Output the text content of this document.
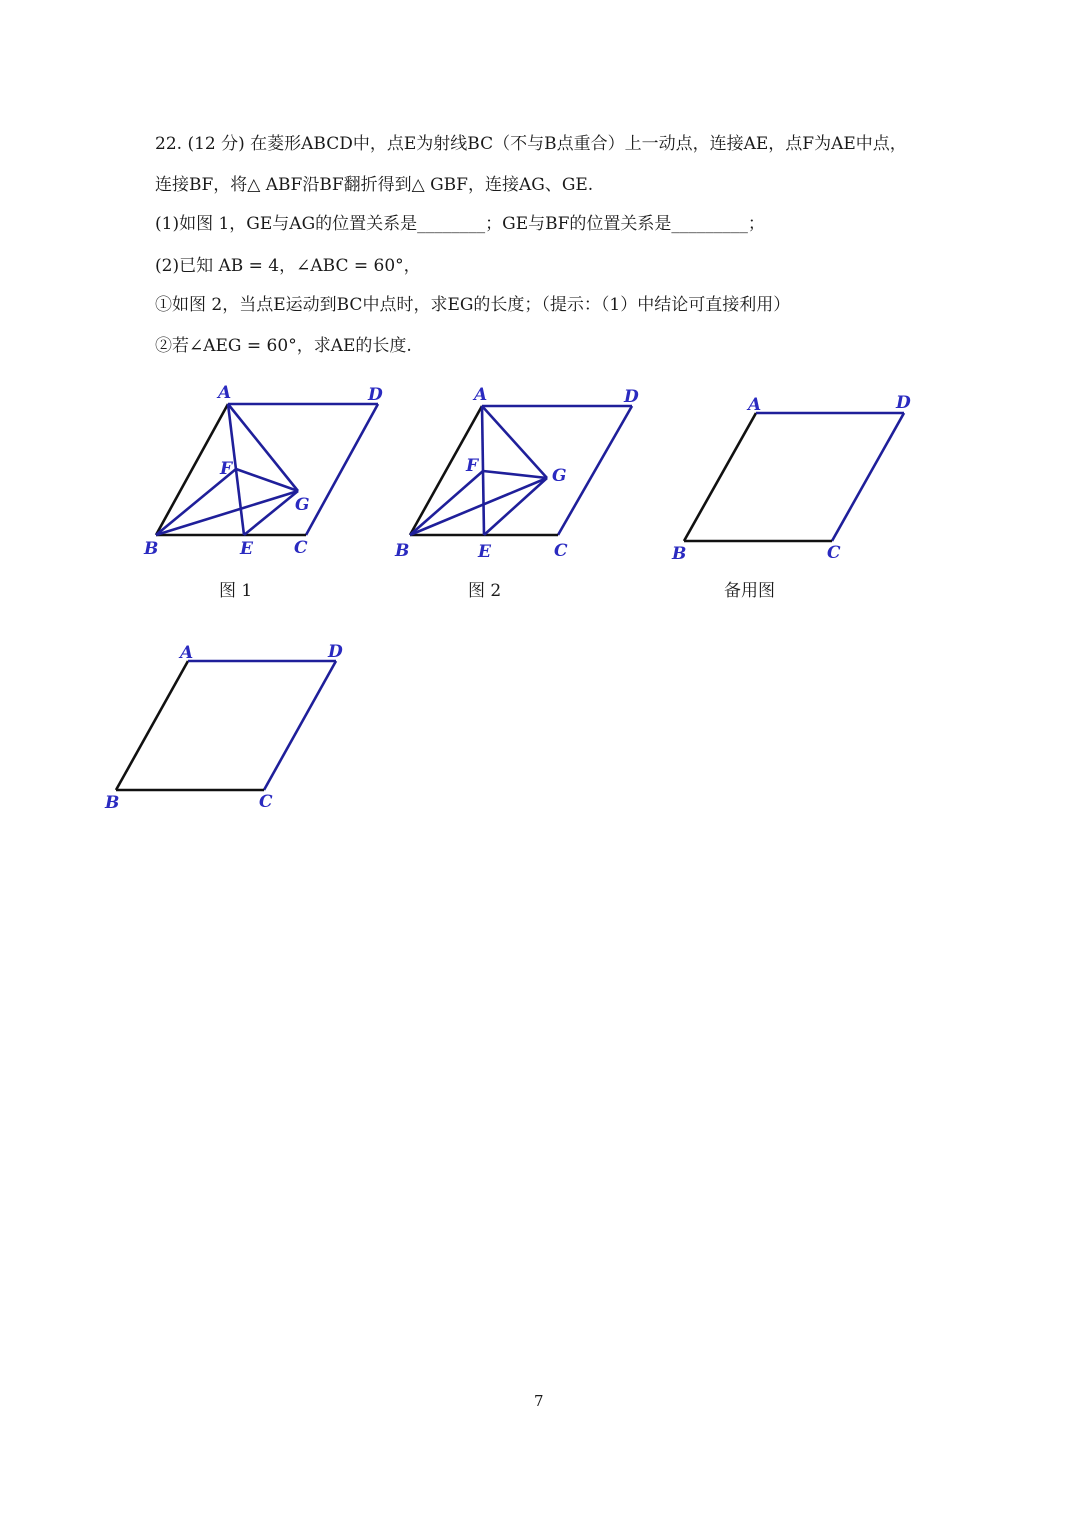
22. (12 分) 在菱形ABCD中，点E为射线BC（不与B点重合）上一动点，连接AE，点F为AE中点，
连接BF，将△ ABF沿BF翻折得到△ GBF，连接AG、GE.
(1)如图 1，GE与AG的位置关系是________；GE与BF的位置关系是_________；
(2)已知 AB = 4，∠ABC = 60°，
①如图 2，当点E运动到BC中点时，求EG的长度；（提示：（1）中结论可直接利用）
②若∠AEG = 60°，求AE的长度.
A	D
B	E C
F
G
图 1
A	D
B	E	C
F	G
图 2
A	D
B	C
备用图
A	D
B	C
7
